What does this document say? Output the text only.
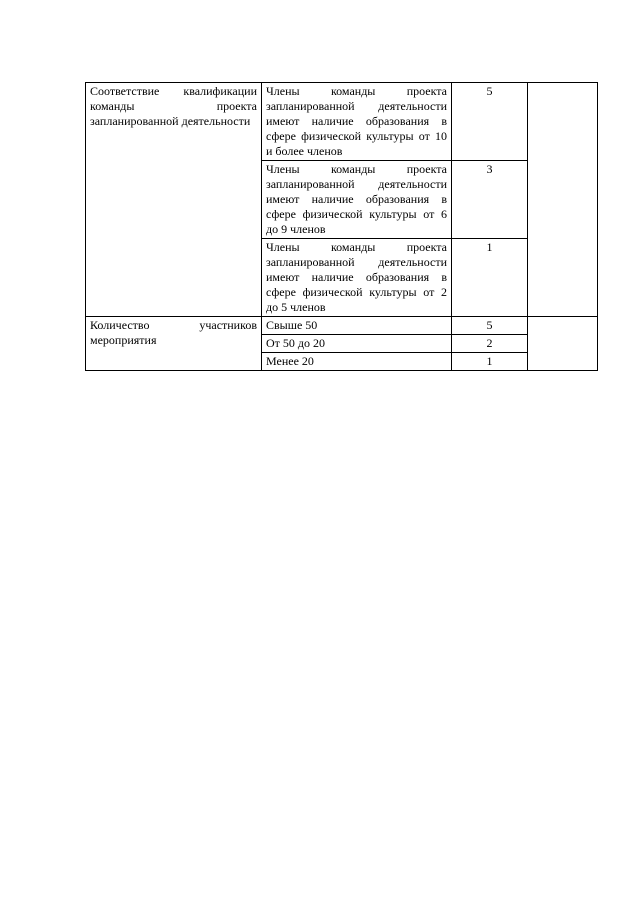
Соответствие квалификации команды проекта запланированной деятельности	Члены команды проекта запланированной деятельности имеют наличие образования в сфере физической культуры от 10 и более членов	5	

	Члены команды проекта запланированной деятельности имеют наличие образования в сфере физической культуры от 6 до 9 членов	3	

	Члены команды проекта запланированной деятельности имеют наличие образования в сфере физической культуры от 2 до 5 членов	1	

Количество участников мероприятия	Свыше 50	5	
	От 50 до 20	2	
	Менее 20	1	
